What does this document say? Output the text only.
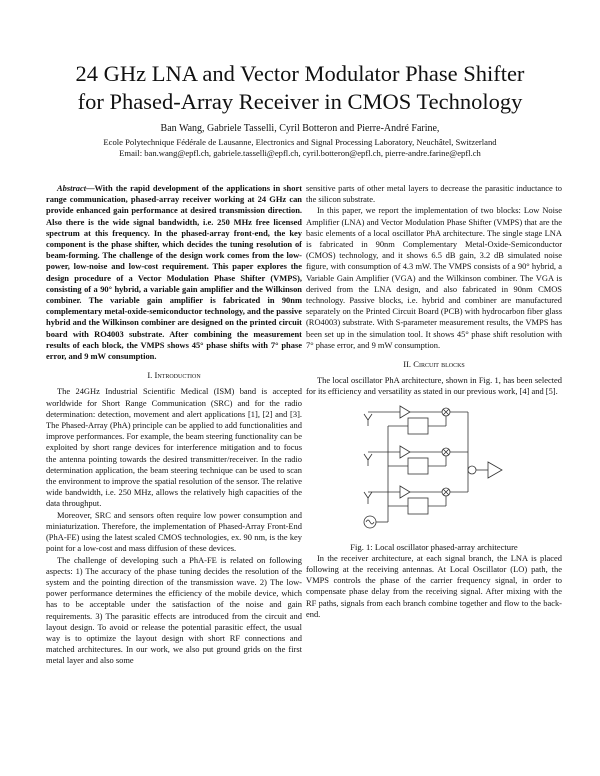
24 GHz LNA and Vector Modulator Phase Shifter
for Phased-Array Receiver in CMOS Technology
Ban Wang, Gabriele Tasselli, Cyril Botteron and Pierre-André Farine,
Ecole Polytechnique Fédérale de Lausanne, Electronics and Signal Processing Laboratory, Neuchâtel, Switzerland
Email: ban.wang@epfl.ch, gabriele.tasselli@epfl.ch, cyril.botteron@epfl.ch, pierre-andre.farine@epfl.ch

Abstract—With the rapid development of the applications in short range communication, phased-array receiver working at 24 GHz can provide enhanced gain performance at desired transmission direction. Also there is the wide signal bandwidth, i.e. 250 MHz free licensed spectrum at this frequency. In the phased-array front-end, the key component is the phase shifter, which decides the tuning resolution of beam-forming. The challenge of the design work comes from the low-power, low-noise and low-cost requirement. This paper explores the design procedure of a Vector Modulation Phase Shifter (VMPS), consisting of a 90° hybrid, a variable gain amplifier and the Wilkinson combiner. The variable gain amplifier is fabricated in 90nm complementary metal-oxide-semiconductor technology, and the passive hybrid and the Wilkinson combiner are designed on the printed circuit board with RO4003 substrate. After combining the measurement results of each block, the VMPS shows 45° phase shifts with 7° phase error, and 9 mW consumption.

I. Introduction

The 24GHz Industrial Scientific Medical (ISM) band is accepted worldwide for Short Range Communication (SRC) and for the radio determination: detection, movement and alert applications [1], [2] and [3]. The Phased-Array (PhA) principle can be applied to add functionalities and improve performances. For example, the beam steering functionality can be exploited by short range devices for interference mitigation and to focus the antenna pointing towards the desired transmitter/receiver. In the radio determination application, the beam steering technique can be used to scan the environment to improve the spatial resolution of the sensor. The relative wide bandwidth, i.e. 250 MHz, allows the relatively high capacities of the data throughput.

Moreover, SRC and sensors often require low power consumption and miniaturization. Therefore, the implementation of Phased-Array Front-End (PhA-FE) using the latest scaled CMOS technologies, ex. 90 nm, is the key point for a low-cost and mass diffusion of these devices.

The challenge of developing such a PhA-FE is related on following aspects: 1) The accuracy of the phase tuning decides the resolution of the system and the pointing direction of the transmission wave. 2) The low-power performance determines the efficiency of the mobile device, which has to be acceptable under the satisfaction of the noise and gain requirements. 3) The parasitic effects are introduced from the circuit and layout design. To avoid or release the potential parasitic effect, the usual way is to optimize the layout design with short RF connections and matched architectures. In our work, we also put ground grids on the first metal layer and also some

sensitive parts of other metal layers to decrease the parasitic inductance to the silicon substrate.

In this paper, we report the implementation of two blocks: Low Noise Amplifier (LNA) and Vector Modulation Phase Shifter (VMPS) that are the basic elements of a local oscillator PhA architecture. The single stage LNA is fabricated in 90nm Complementary Metal-Oxide-Semiconductor (CMOS) technology, and it shows 6.5 dB gain, 3.2 dB simulated noise figure, with consumption of 4.3 mW. The VMPS consists of a 90° hybrid, a Variable Gain Amplifier (VGA) and the Wilkinson combiner. The VGA is derived from the LNA design, and also fabricated in 90nm CMOS technology. Passive blocks, i.e. hybrid and combiner are manufactured separately on the Printed Circuit Board (PCB) with hydrocarbon fiber glass (RO4003) substrate. With S-parameter measurement results, the VMPS has been set up in the simulation tool. It shows 45° phase shift resolution with 7° phase error, and 9 mW consumption.

II. Circuit blocks

The local oscillator PhA architecture, shown in Fig. 1, has been selected for its efficiency and versatility as stated in our previous work, [4] and [5].

Fig. 1: Local oscillator phased-array architecture

In the receiver architecture, at each signal branch, the LNA is placed following at the receiving antennas. At Local Oscillator (LO) path, the VMPS controls the phase of the carrier frequency signal, in order to compensate phase delay from the receiving signal. After mixing with the RF paths, signals from each branch combine together and flow to the back-end.
